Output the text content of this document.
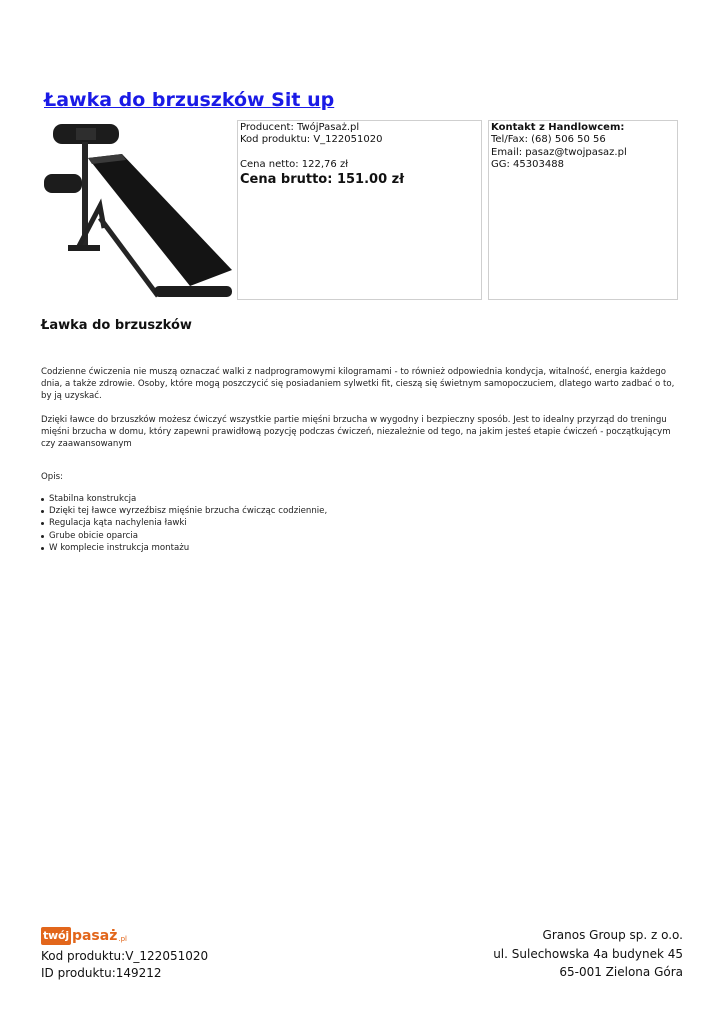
Ławka do brzuszków Sit up

Producent: TwójPasaż.pl

Kod produktu: V_122051020

Cena netto: 122,76 zł

Cena brutto: 151.00 zł

Kontakt z Handlowcem:

Tel/Fax: (68) 506 50 56

Email: pasaz@twojpasaz.pl

GG: 45303488

Ławka do brzuszków

Codzienne ćwiczenia nie muszą oznaczać walki z nadprogramowymi kilogramami - to również odpowiednia kondycja, witalność, energia każdego dnia, a także zdrowie. Osoby, które mogą poszczycić się posiadaniem sylwetki fit, cieszą się świetnym samopoczuciem, dlatego warto zadbać o to, by ją uzyskać.

Dzięki ławce do brzuszków możesz ćwiczyć wszystkie partie mięśni brzucha w wygodny i bezpieczny sposób. Jest to idealny przyrząd do treningu mięśni brzucha w domu, który zapewni prawidłową pozycję podczas ćwiczeń, niezależnie od tego, na jakim jesteś etapie ćwiczeń - początkującym czy zaawansowanym

Opis:

Stabilna konstrukcja
Dzięki tej ławce wyrzeźbisz mięśnie brzucha ćwicząc codziennie,
Regulacja kąta nachylenia ławki
Grube obicie oparcia
W komplecie instrukcja montażu
twój pasaż .pl

Kod produktu:V_122051020

ID produktu:149212

Granos Group sp. z o.o.

ul. Sulechowska 4a budynek 45

65-001 Zielona Góra
